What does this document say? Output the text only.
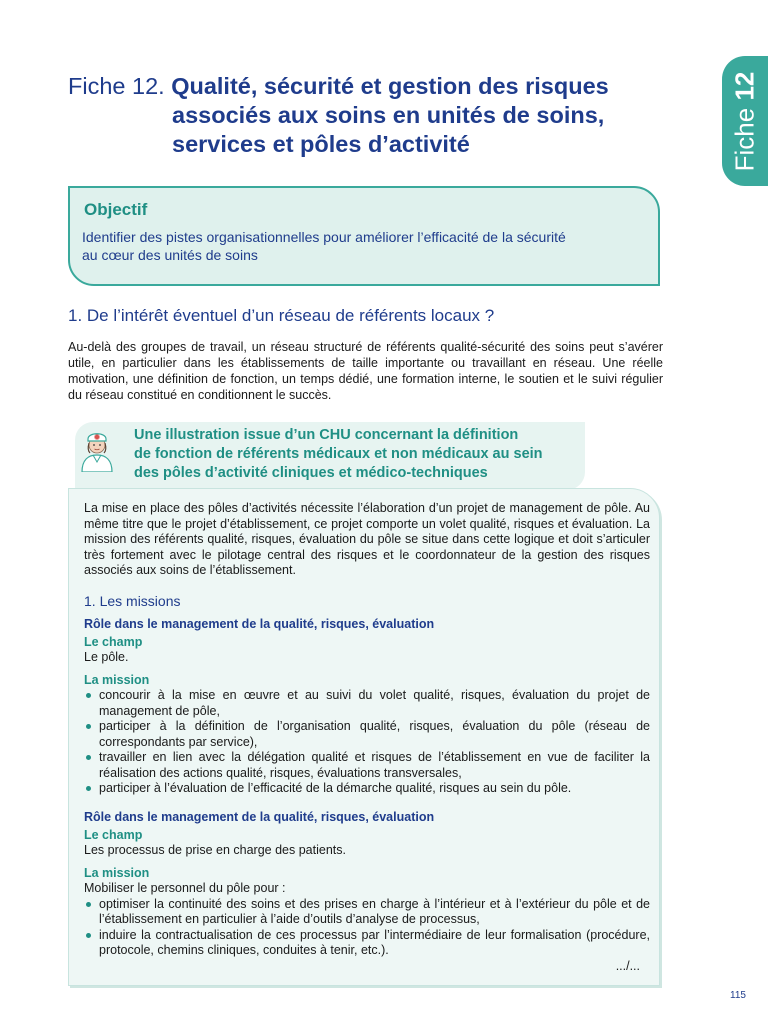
Fiche 12. Qualité, sécurité et gestion des risques
associés aux soins en unités de soins,
services et pôles d’activité	Fiche 12
Objectif
Identifier des pistes organisationnelles pour améliorer l’efficacité de la sécurité
au cœur des unités de soins
1. De l’intérêt éventuel d’un réseau de référents locaux ?
Au-delà des groupes de travail, un réseau structuré de référents qualité-sécurité des soins peut s’avérer utile, en particulier dans les établissements de taille importante ou travaillant en réseau. Une réelle motivation, une définition de fonction, un temps dédié, une formation interne, le soutien et le suivi régulier du réseau constitué en conditionnent le succès.
Une illustration issue d’un CHU concernant la définition
de fonction de référents médicaux et non médicaux au sein
des pôles d’activité cliniques et médico-techniques
La mise en place des pôles d’activités nécessite l’élaboration d’un projet de management de pôle. Au même titre que le projet d’établissement, ce projet comporte un volet qualité, risques et évaluation. La mission des référents qualité, risques, évaluation du pôle se situe dans cette logique et doit s’articuler très fortement avec le pilotage central des risques et le coordonnateur de la gestion des risques associés aux soins de l’établissement.
1. Les missions
Rôle dans le management de la qualité, risques, évaluation
Le champ
Le pôle.
La mission
concourir à la mise en œuvre et au suivi du volet qualité, risques, évaluation du projet de management de pôle,
participer à la définition de l’organisation qualité, risques, évaluation du pôle (réseau de correspondants par service),
travailler en lien avec la délégation qualité et risques de l’établissement en vue de faciliter la réalisation des actions qualité, risques, évaluations transversales,
participer à l’évaluation de l’efficacité de la démarche qualité, risques au sein du pôle.
Rôle dans le management de la qualité, risques, évaluation
Le champ
Les processus de prise en charge des patients.
La mission
Mobiliser le personnel du pôle pour :
optimiser la continuité des soins et des prises en charge à l’intérieur et à l’extérieur du pôle et de l’établissement en particulier à l’aide d’outils d’analyse de processus,
induire la contractualisation de ces processus par l’intermédiaire de leur formalisation (procédure, protocole, chemins cliniques, conduites à tenir, etc.).
.../...
115
